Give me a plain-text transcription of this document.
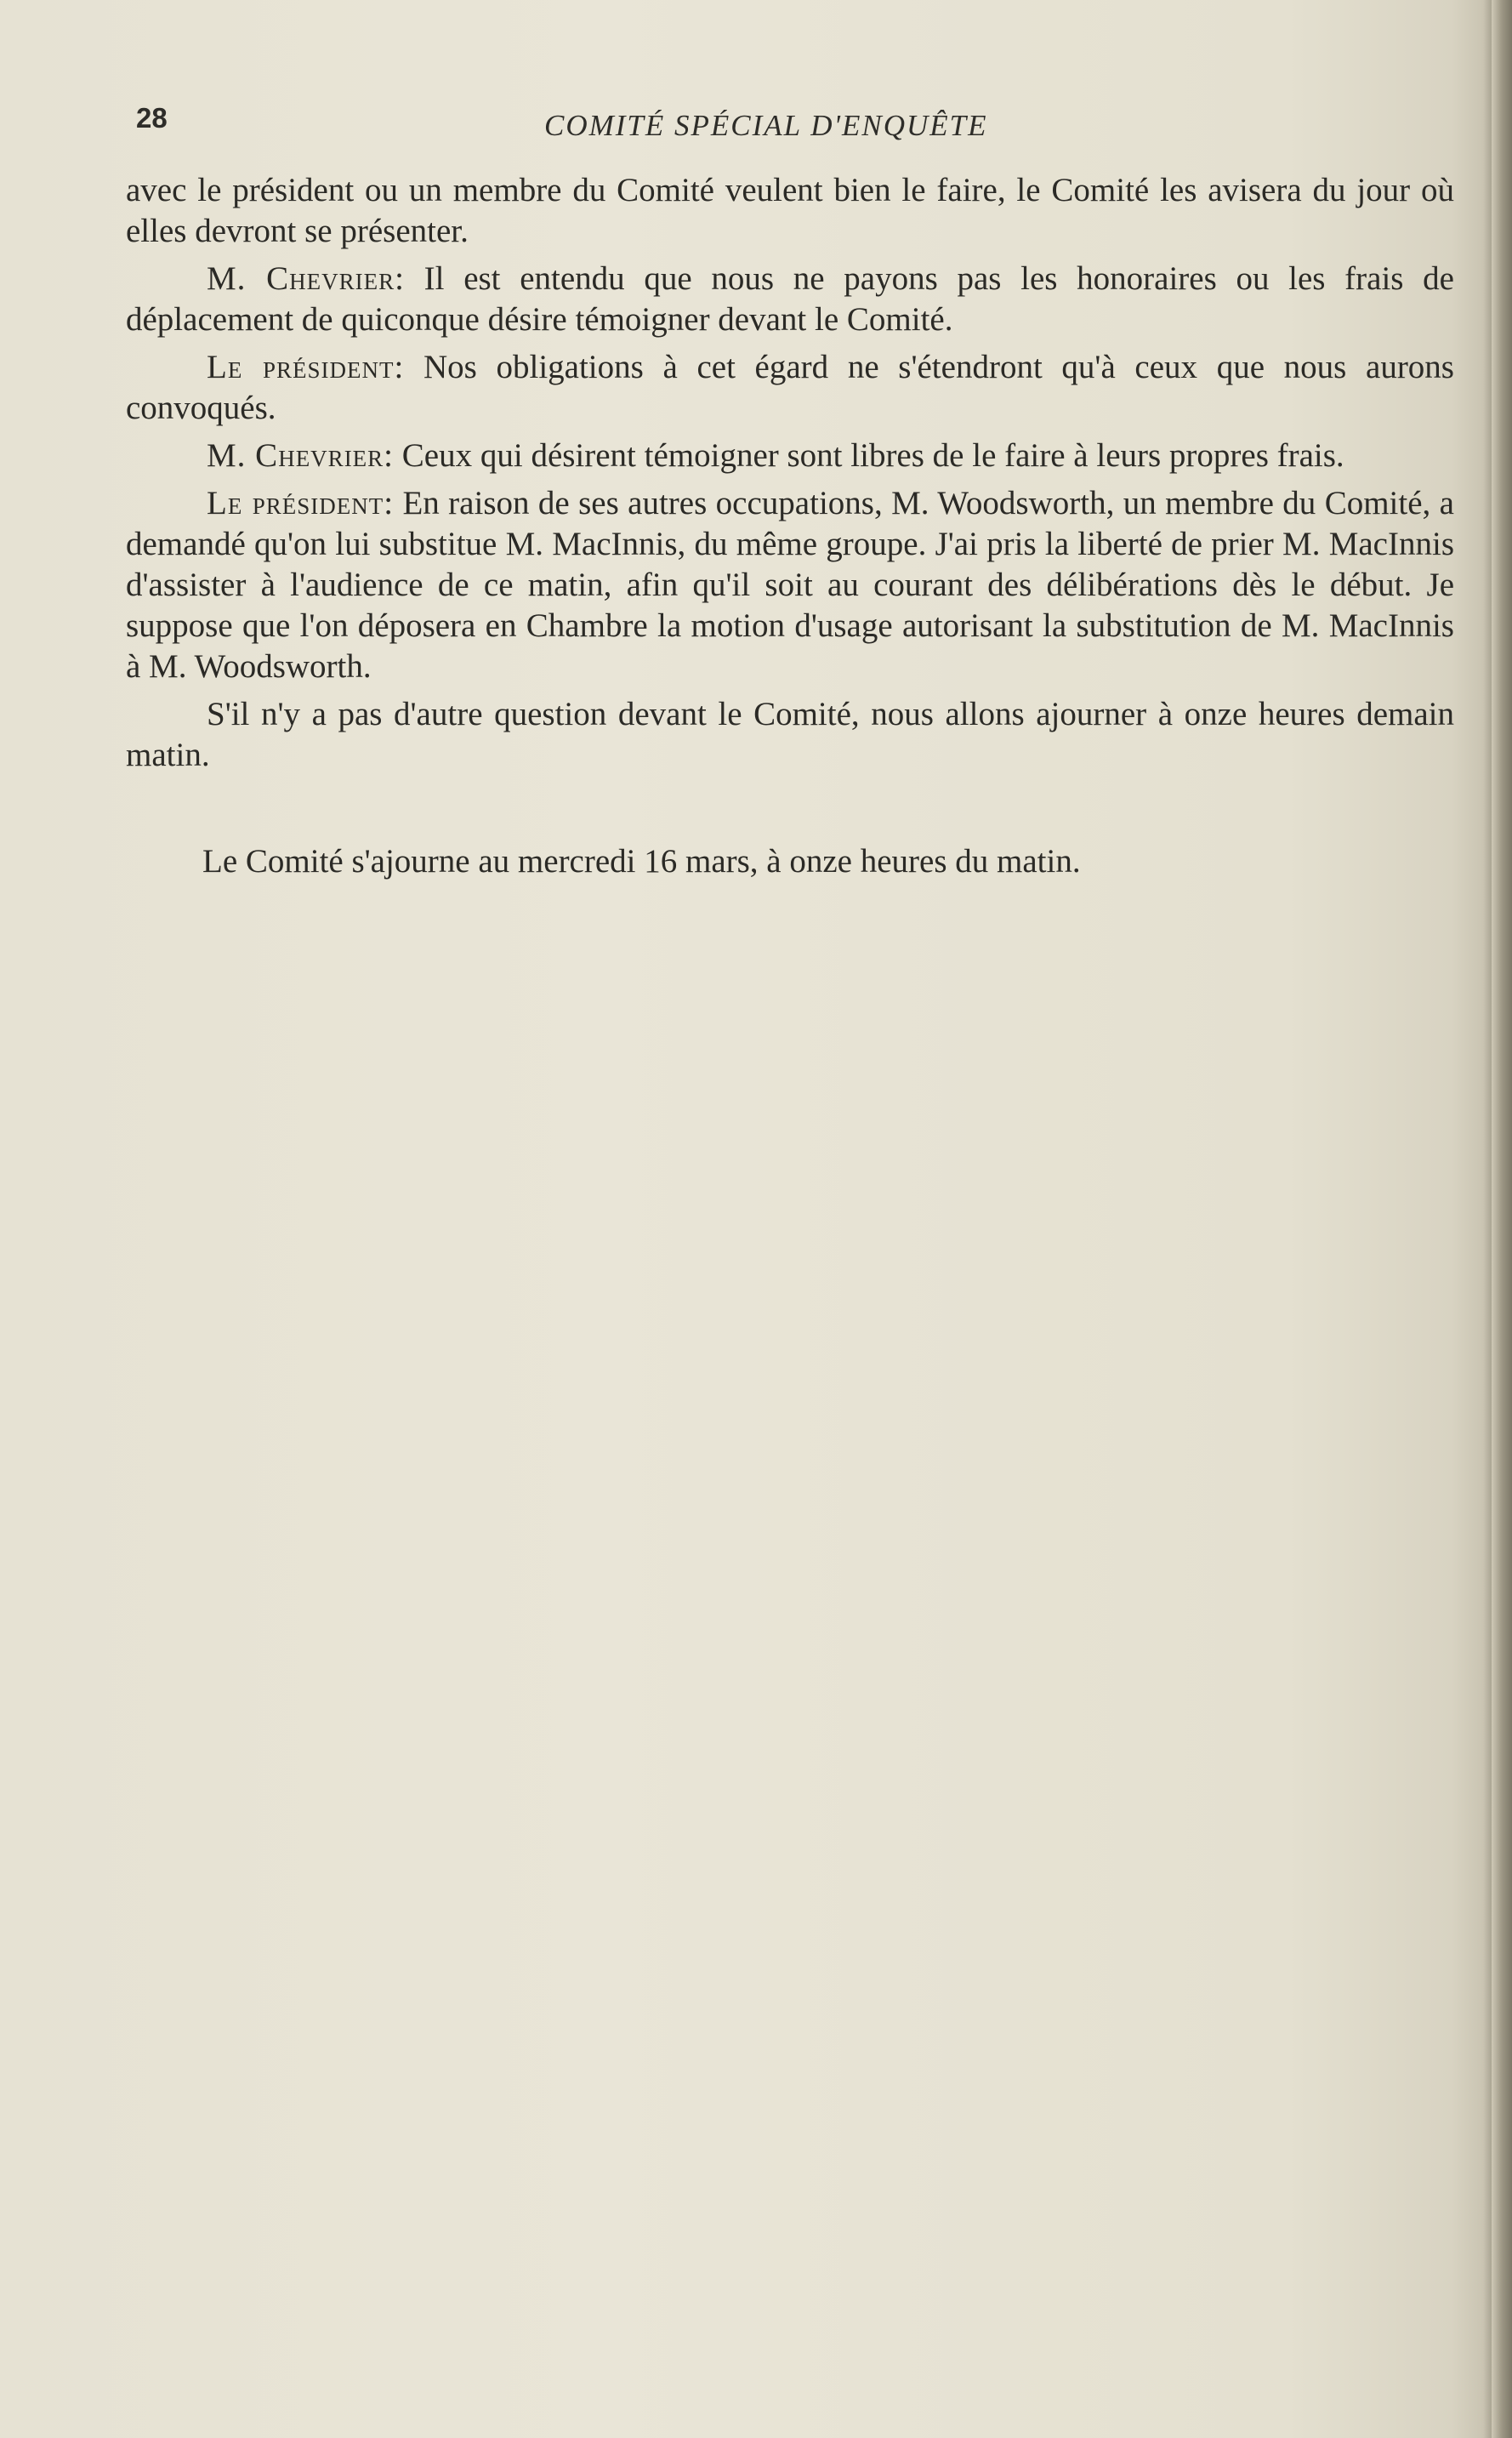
28	COMITÉ SPÉCIAL D'ENQUÊTE

avec le président ou un membre du Comité veulent bien le faire, le Comité les avisera du jour où elles devront se présenter.

M. Chevrier: Il est entendu que nous ne payons pas les honoraires ou les frais de déplacement de quiconque désire témoigner devant le Comité.

Le président: Nos obligations à cet égard ne s'étendront qu'à ceux que nous aurons convoqués.

M. Chevrier: Ceux qui désirent témoigner sont libres de le faire à leurs propres frais.

Le président: En raison de ses autres occupations, M. Woodsworth, un membre du Comité, a demandé qu'on lui substitue M. MacInnis, du même groupe. J'ai pris la liberté de prier M. MacInnis d'assister à l'audience de ce matin, afin qu'il soit au courant des délibérations dès le début. Je suppose que l'on déposera en Chambre la motion d'usage autorisant la substitution de M. MacInnis à M. Woodsworth.

S'il n'y a pas d'autre question devant le Comité, nous allons ajourner à onze heures demain matin.

Le Comité s'ajourne au mercredi 16 mars, à onze heures du matin.
